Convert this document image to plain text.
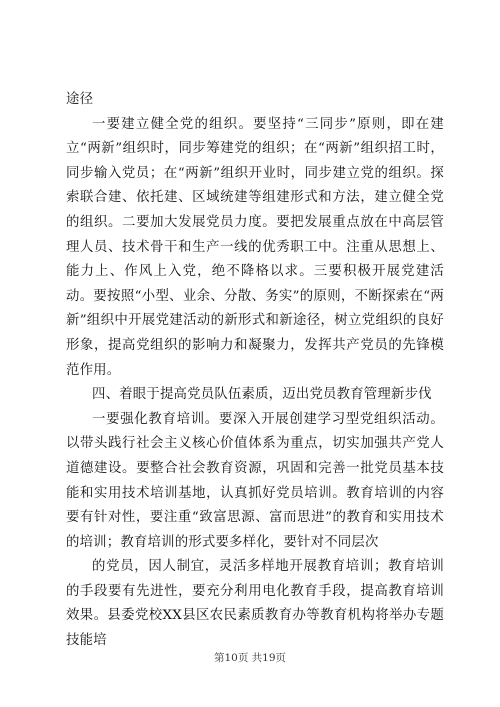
途径

一要建立健全党的组织。要坚持“三同步”原则，即在建立“两新”组织时，同步筹建党的组织；在“两新”组织招工时，同步输入党员；在“两新”组织开业时，同步建立党的组织。探索联合建、依托建、区域统建等组建形式和方法，建立健全党的组织。二要加大发展党员力度。要把发展重点放在中高层管理人员、技术骨干和生产一线的优秀职工中。注重从思想上、能力上、作风上入党，绝不降格以求。三要积极开展党建活动。要按照“小型、业余、分散、务实”的原则，不断探索在“两新”组织中开展党建活动的新形式和新途径，树立党组织的良好形象，提高党组织的影响力和凝聚力，发挥共产党员的先锋模范作用。

四、着眼于提高党员队伍素质，迈出党员教育管理新步伐

一要强化教育培训。要深入开展创建学习型党组织活动。以带头践行社会主义核心价值体系为重点，切实加强共产党人道德建设。要整合社会教育资源，巩固和完善一批党员基本技能和实用技术培训基地，认真抓好党员培训。教育培训的内容要有针对性，要注重“致富思源、富而思进”的教育和实用技术的培训；教育培训的形式要多样化，要针对不同层次

的党员，因人制宜，灵活多样地开展教育培训；教育培训的手段要有先进性，要充分利用电化教育手段，提高教育培训效果。县委党校XX县区农民素质教育办等教育机构将举办专题技能培

第10页 共19页
